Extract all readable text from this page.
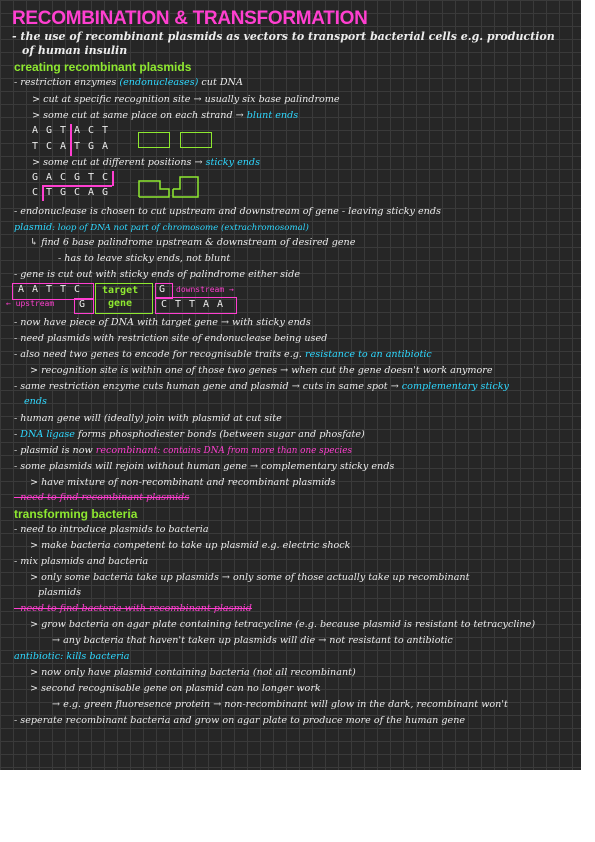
RECOMBINATION & TRANSFORMATION
- the use of recombinant plasmids as vectors to transport bacterial cells e.g. production
of human insulin
creating recombinant plasmids
- restriction enzymes (endonucleases) cut DNA
> cut at specific recognition site → usually six base palindrome
> some cut at same place on each strand → blunt ends
A G T A C T
T C A T G A
> some cut at different positions → sticky ends
G A C G T C
C T G C A G
- endonuclease is chosen to cut upstream and downstream of gene - leaving sticky ends
plasmid: loop of DNA not part of chromosome (extrachromosomal)
↳ find 6 base palindrome upstream & downstream of desired gene
- has to leave sticky ends, not blunt
- gene is cut out with sticky ends of palindrome either side
A A T T C
← upstream G
target
gene
G downstream →
C T T A A
- now have piece of DNA with target gene → with sticky ends
- need plasmids with restriction site of endonuclease being used
- also need two genes to encode for recognisable traits e.g. resistance to an antibiotic
> recognition site is within one of those two genes → when cut the gene doesn't work anymore
- same restriction enzyme cuts human gene and plasmid → cuts in same spot → complementary sticky
ends
- human gene will (ideally) join with plasmid at cut site
- DNA ligase forms phosphodiester bonds (between sugar and phosfate)
- plasmid is now recombinant: contains DNA from more than one species
- some plasmids will rejoin without human gene → complementary sticky ends
> have mixture of non-recombinant and recombinant plasmids
- need to find recombinant plasmids
transforming bacteria
- need to introduce plasmids to bacteria
> make bacteria competent to take up plasmid e.g. electric shock
- mix plasmids and bacteria
> only some bacteria take up plasmids → only some of those actually take up recombinant
plasmids
- need to find bacteria with recombinant plasmid
> grow bacteria on agar plate containing tetracycline (e.g. because plasmid is resistant to tetracycline)
→ any bacteria that haven't taken up plasmids will die → not resistant to antibiotic
antibiotic: kills bacteria
> now only have plasmid containing bacteria (not all recombinant)
> second recognisable gene on plasmid can no longer work
→ e.g. green fluoresence protein → non-recombinant will glow in the dark, recombinant won't
- seperate recombinant bacteria and grow on agar plate to produce more of the human gene
